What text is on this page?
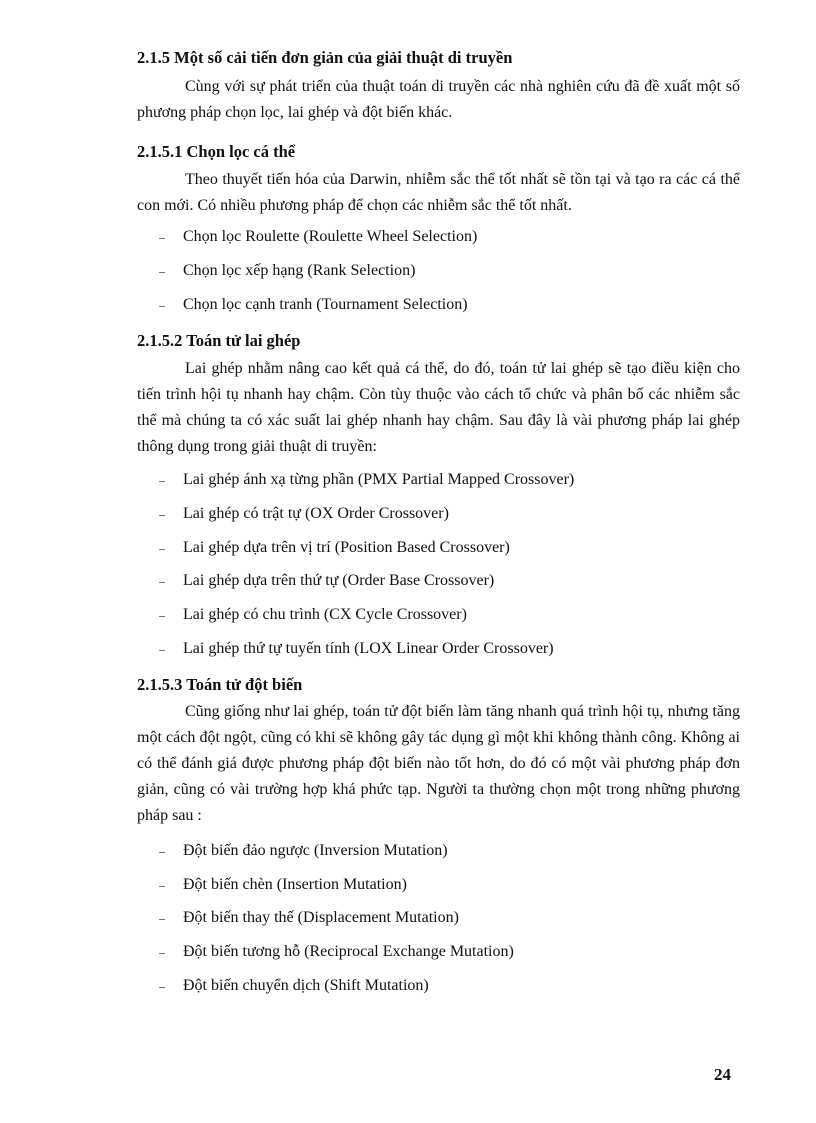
2.1.5 Một số cải tiến đơn giản của giải thuật di truyền
Cùng với sự phát triển của thuật toán di truyền các nhà nghiên cứu đã đề xuất một số phương pháp chọn lọc, lai ghép và đột biến khác.
2.1.5.1 Chọn lọc cá thể
Theo thuyết tiến hóa của Darwin, nhiễm sắc thể tốt nhất sẽ tồn tại và tạo ra các cá thể con mới. Có nhiều phương pháp để chọn các nhiễm sắc thể tốt nhất.
Chọn lọc Roulette (Roulette Wheel Selection)
Chọn lọc xếp hạng (Rank Selection)
Chọn lọc cạnh tranh (Tournament Selection)
2.1.5.2 Toán tử lai ghép
Lai ghép nhằm nâng cao kết quả cá thể, do đó, toán tử lai ghép sẽ tạo điều kiện cho tiến trình hội tụ nhanh hay chậm. Còn tùy thuộc vào cách tổ chức và phân bố các nhiễm sắc thể mà chúng ta có xác suất lai ghép nhanh hay chậm. Sau đây là vài phương pháp lai ghép thông dụng trong giải thuật di truyền:
Lai ghép ánh xạ từng phần (PMX Partial Mapped Crossover)
Lai ghép có trật tự (OX Order Crossover)
Lai ghép dựa trên vị trí (Position Based Crossover)
Lai ghép dựa trên thứ tự (Order Base Crossover)
Lai ghép có chu trình (CX Cycle Crossover)
Lai ghép thứ tự tuyến tính (LOX Linear Order Crossover)
2.1.5.3 Toán tử đột biến
Cũng giống như lai ghép, toán tử đột biến làm tăng nhanh quá trình hội tụ, nhưng tăng một cách đột ngột, cũng có khi sẽ không gây tác dụng gì một khi không thành công. Không ai có thể đánh giá được phương pháp đột biến nào tốt hơn, do đó có một vài phương pháp đơn giản, cũng có vài trường hợp khá phức tạp. Người ta thường chọn một trong những phương pháp sau :
Đột biến đảo ngược (Inversion Mutation)
Đột biến chèn (Insertion Mutation)
Đột biến thay thế (Displacement Mutation)
Đột biến tương hỗ (Reciprocal Exchange Mutation)
Đột biến chuyển dịch (Shift Mutation)
24
